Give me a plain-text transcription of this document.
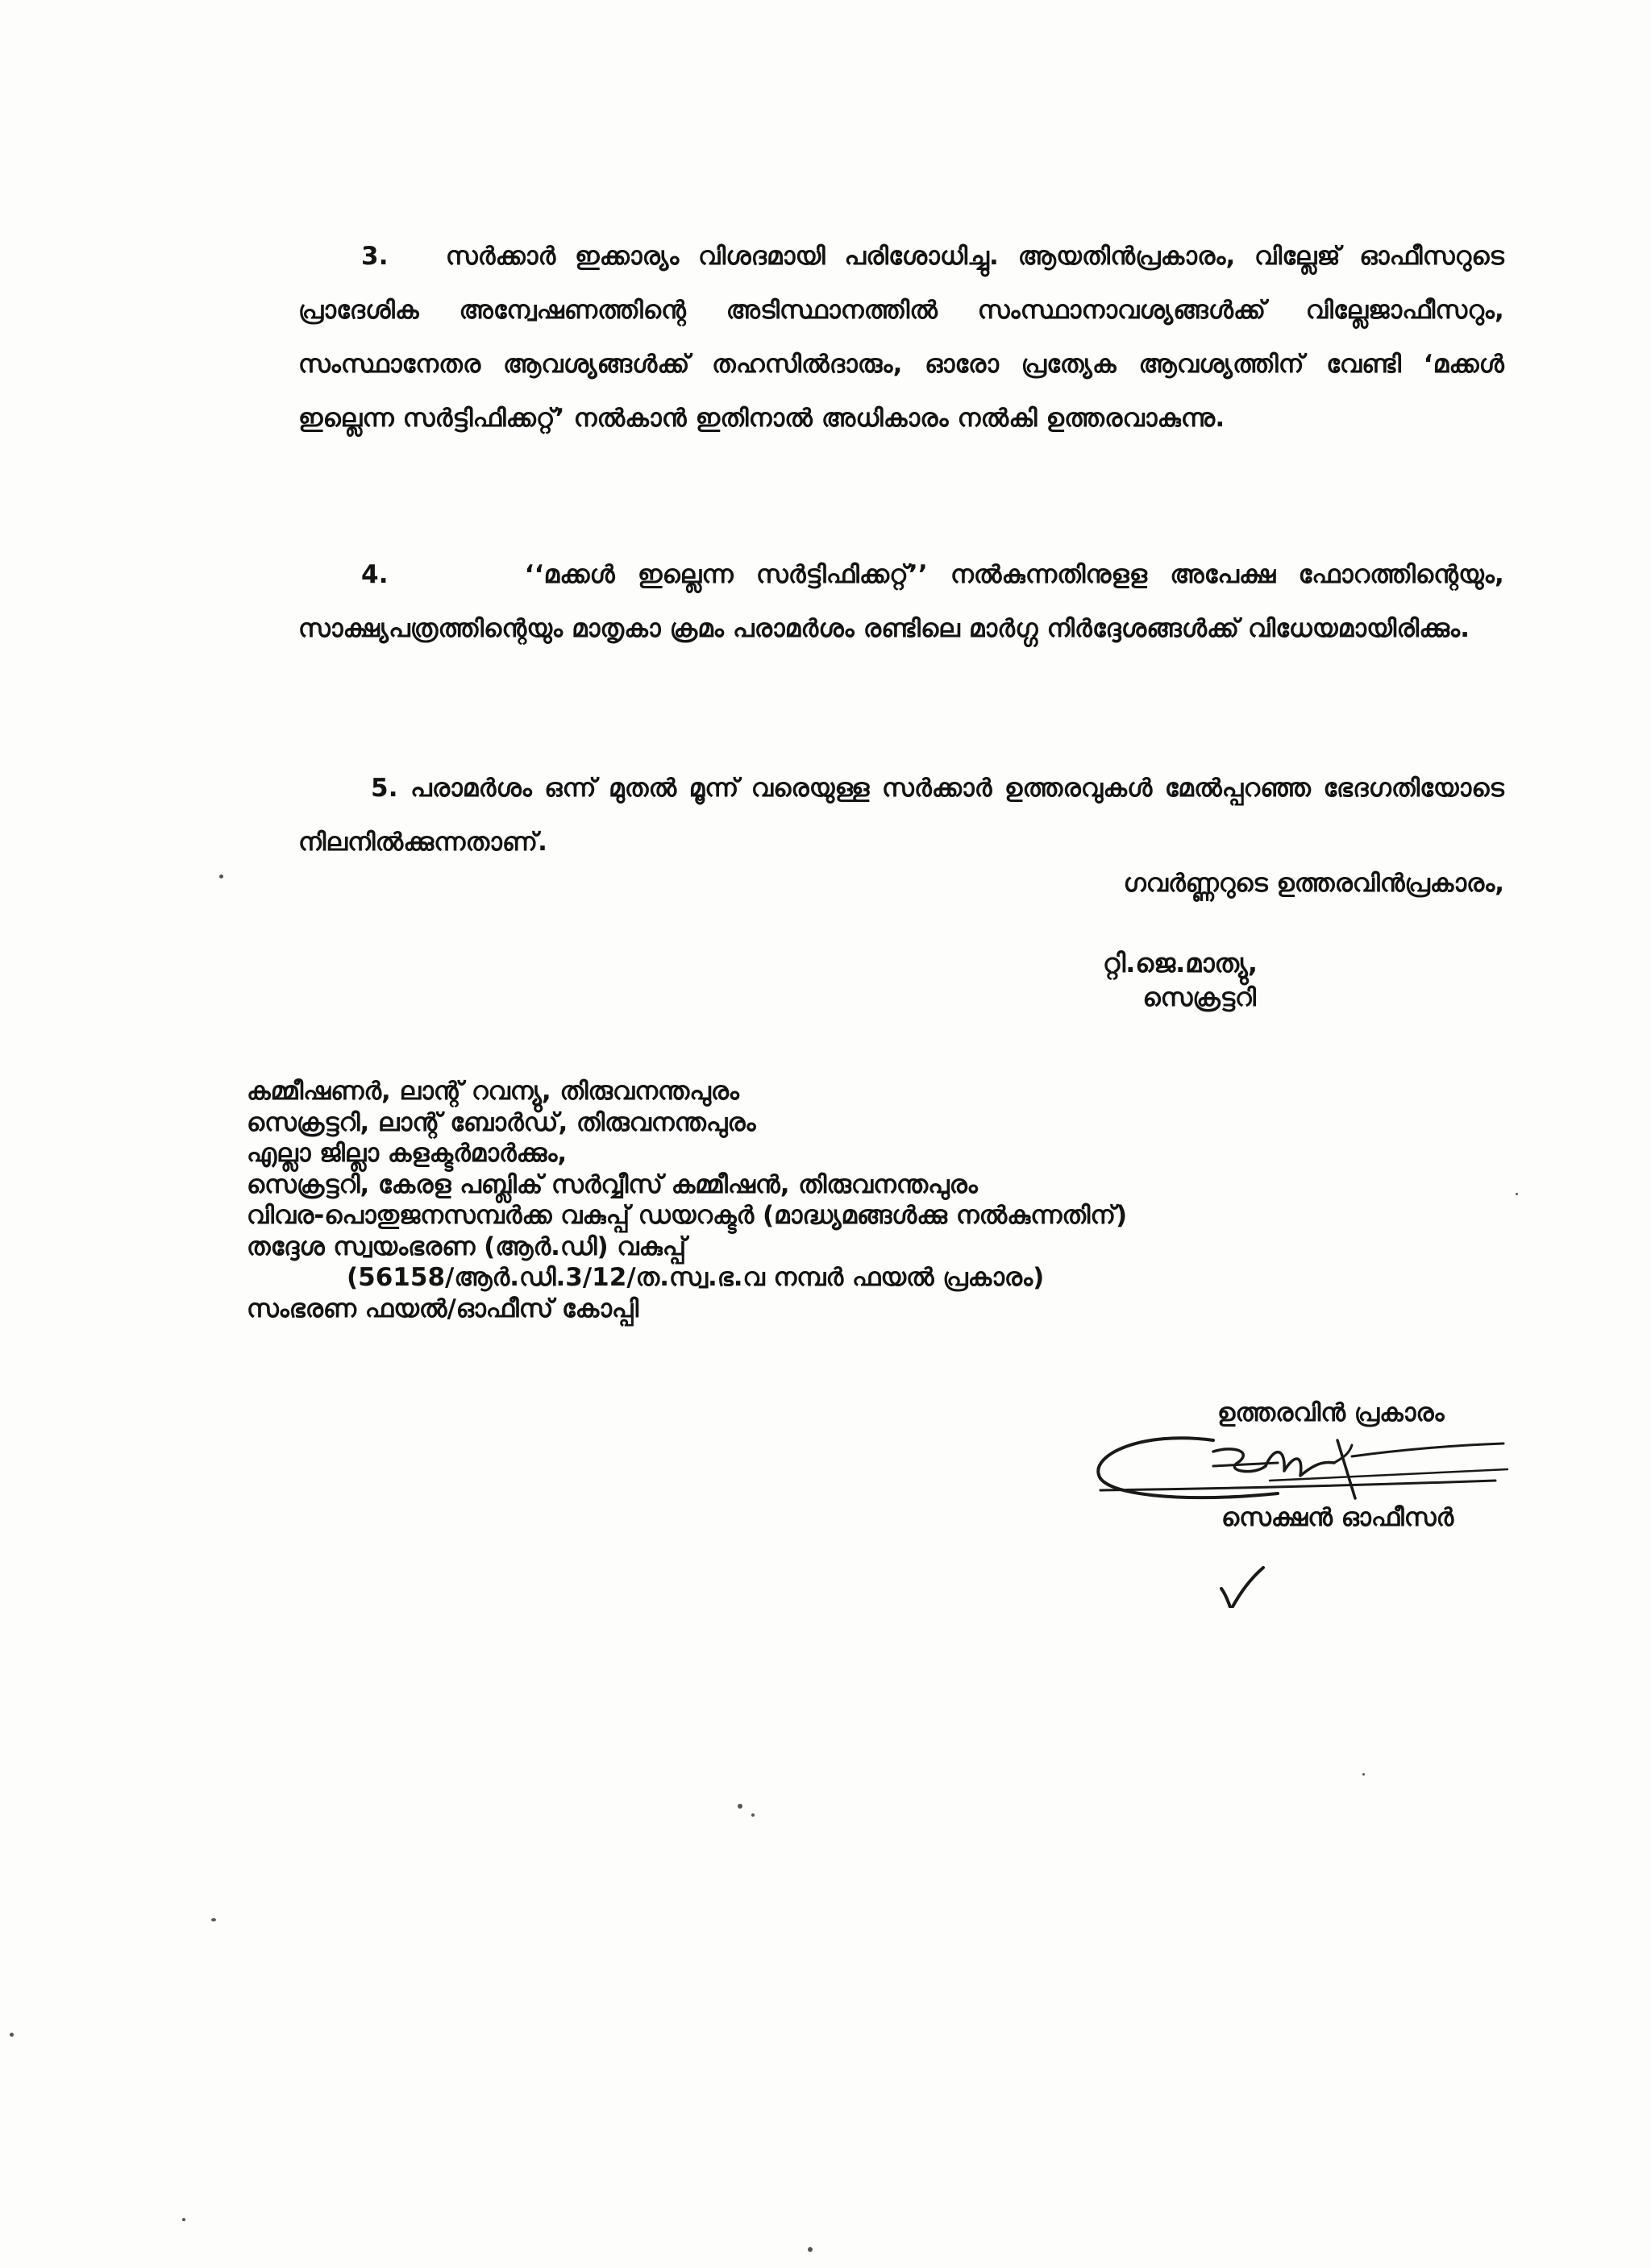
3. സർക്കാർ ഇക്കാര്യം വിശദമായി പരിശോധിച്ചു. ആയതിൻപ്രകാരം, വില്ലേജ് ഓഫീസറുടെ പ്രാദേശിക അന്വേഷണത്തിന്റെ അടിസ്ഥാനത്തിൽ സംസ്ഥാനാവശ്യങ്ങൾക്ക് വില്ലേജാഫീസറും, സംസ്ഥാനേതര ആവശ്യങ്ങൾക്ക് തഹസിൽദാരും, ഓരോ പ്രത്യേക ആവശ്യത്തിന് വേണ്ടി ‘മക്കൾ ഇല്ലെന്ന സർട്ടിഫിക്കറ്റ്’ നൽകാൻ ഇതിനാൽ അധികാരം നൽകി ഉത്തരവാകുന്നു.

4.	‘‘മക്കൾ ഇല്ലെന്ന സർട്ടിഫിക്കറ്റ്’’ നൽകുന്നതിനുളള അപേക്ഷ ഫോറത്തിന്റെയും, സാക്ഷ്യപത്രത്തിന്റെയും മാതൃകാ ക്രമം പരാമർശം രണ്ടിലെ മാർഗ്ഗ നിർദ്ദേശങ്ങൾക്ക് വിധേയമായിരിക്കും.

5. പരാമർശം ഒന്ന് മുതൽ മൂന്ന് വരെയുള്ള സർക്കാർ ഉത്തരവുകൾ മേൽപ്പറഞ്ഞ ഭേദഗതിയോടെ നിലനിൽക്കുന്നതാണ്.

ഗവർണ്ണറുടെ ഉത്തരവിൻപ്രകാരം,
റ്റി.ജെ.മാത്യു,
സെക്രട്ടറി
കമ്മീഷണർ, ലാന്റ് റവന്യു, തിരുവനന്തപുരം
സെക്രട്ടറി, ലാന്റ് ബോർഡ്, തിരുവനന്തപുരം
എല്ലാ ജില്ലാ കളക്ടർമാർക്കും,
സെക്രട്ടറി, കേരള പബ്ലിക് സർവ്വീസ് കമ്മീഷൻ, തിരുവനന്തപുരം
വിവര-പൊതുജനസമ്പർക്ക വകുപ്പ് ഡയറക്ടർ (മാദ്ധ്യമങ്ങൾക്കു നൽകുന്നതിന്)
തദ്ദേശ സ്വയംഭരണ (ആർ.ഡി) വകുപ്പ്
(56158/ആർ.ഡി.3/12/ത.സ്വ.ഭ.വ നമ്പർ ഫയൽ പ്രകാരം)
സംഭരണ ഫയൽ/ഓഫീസ് കോപ്പി
ഉത്തരവിൻ പ്രകാരം
സെക്ഷൻ ഓഫീസർ
